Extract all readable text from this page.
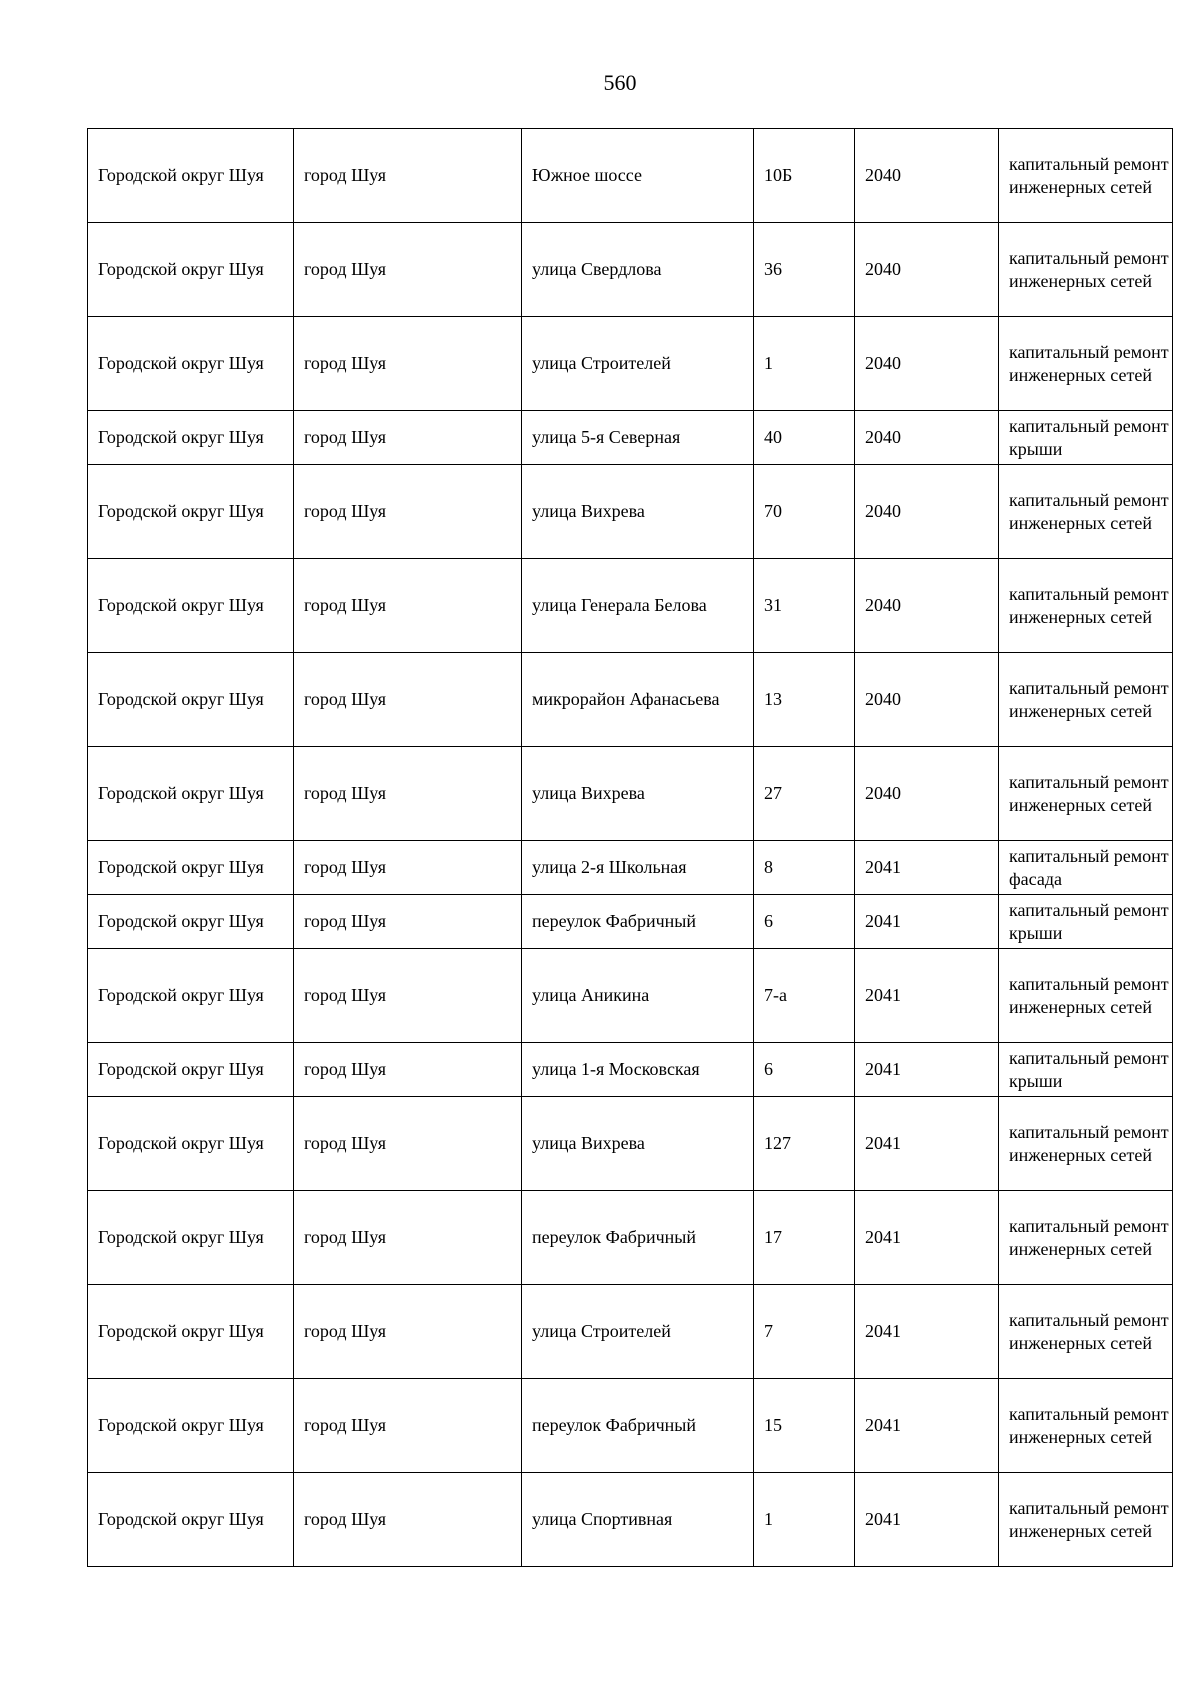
560
Городской округ Шуя	город Шуя	Южное шоссе	10Б	2040	капитальный ремонт инженерных сетей
Городской округ Шуя	город Шуя	улица Свердлова	36	2040	капитальный ремонт инженерных сетей
Городской округ Шуя	город Шуя	улица Строителей	1	2040	капитальный ремонт инженерных сетей
Городской округ Шуя	город Шуя	улица 5-я Северная	40	2040	капитальный ремонт крыши
Городской округ Шуя	город Шуя	улица Вихрева	70	2040	капитальный ремонт инженерных сетей
Городской округ Шуя	город Шуя	улица Генерала Белова	31	2040	капитальный ремонт инженерных сетей
Городской округ Шуя	город Шуя	микрорайон Афанасьева	13	2040	капитальный ремонт инженерных сетей
Городской округ Шуя	город Шуя	улица Вихрева	27	2040	капитальный ремонт инженерных сетей
Городской округ Шуя	город Шуя	улица 2-я Школьная	8	2041	капитальный ремонт фасада
Городской округ Шуя	город Шуя	переулок Фабричный	6	2041	капитальный ремонт крыши
Городской округ Шуя	город Шуя	улица Аникина	7-а	2041	капитальный ремонт инженерных сетей
Городской округ Шуя	город Шуя	улица 1-я Московская	6	2041	капитальный ремонт крыши
Городской округ Шуя	город Шуя	улица Вихрева	127	2041	капитальный ремонт инженерных сетей
Городской округ Шуя	город Шуя	переулок Фабричный	17	2041	капитальный ремонт инженерных сетей
Городской округ Шуя	город Шуя	улица Строителей	7	2041	капитальный ремонт инженерных сетей
Городской округ Шуя	город Шуя	переулок Фабричный	15	2041	капитальный ремонт инженерных сетей
Городской округ Шуя	город Шуя	улица Спортивная	1	2041	капитальный ремонт инженерных сетей
